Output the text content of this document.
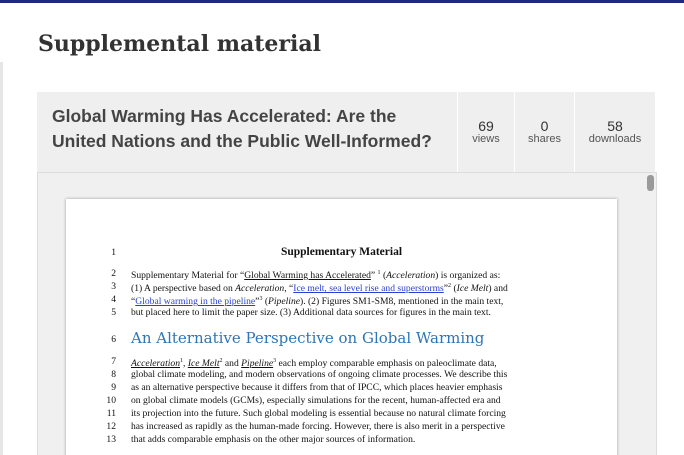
Supplemental material
Global Warming Has Accelerated: Are the United Nations and the Public Well-Informed?
69
views
0
shares
58
downloads
1	Supplementary Material
2 Supplementary Material for “Global Warming has Accelerated” $^1$ (Acceleration) is organized as:
3 (1) A perspective based on Acceleration, “Ice melt, sea level rise and superstorms”$^2$ (Ice Melt) and
4 “Global warming in the pipeline”$^3$ (Pipeline). (2) Figures SM1-SM8, mentioned in the main text,
5 but placed here to limit the paper size. (3) Additional data sources for figures in the main text.
6 An Alternative Perspective on Global Warming
7 Acceleration$^1$, Ice Melt$^2$ and Pipeline$^3$ each employ comparable emphasis on paleoclimate data,
8 global climate modeling, and modern observations of ongoing climate processes. We describe this
9 as an alternative perspective because it differs from that of IPCC, which places heavier emphasis
10 on global climate models (GCMs), especially simulations for the recent, human-affected era and
11 its projection into the future. Such global modeling is essential because no natural climate forcing
12 has increased as rapidly as the human-made forcing. However, there is also merit in a perspective
13 that adds comparable emphasis on the other major sources of information.
